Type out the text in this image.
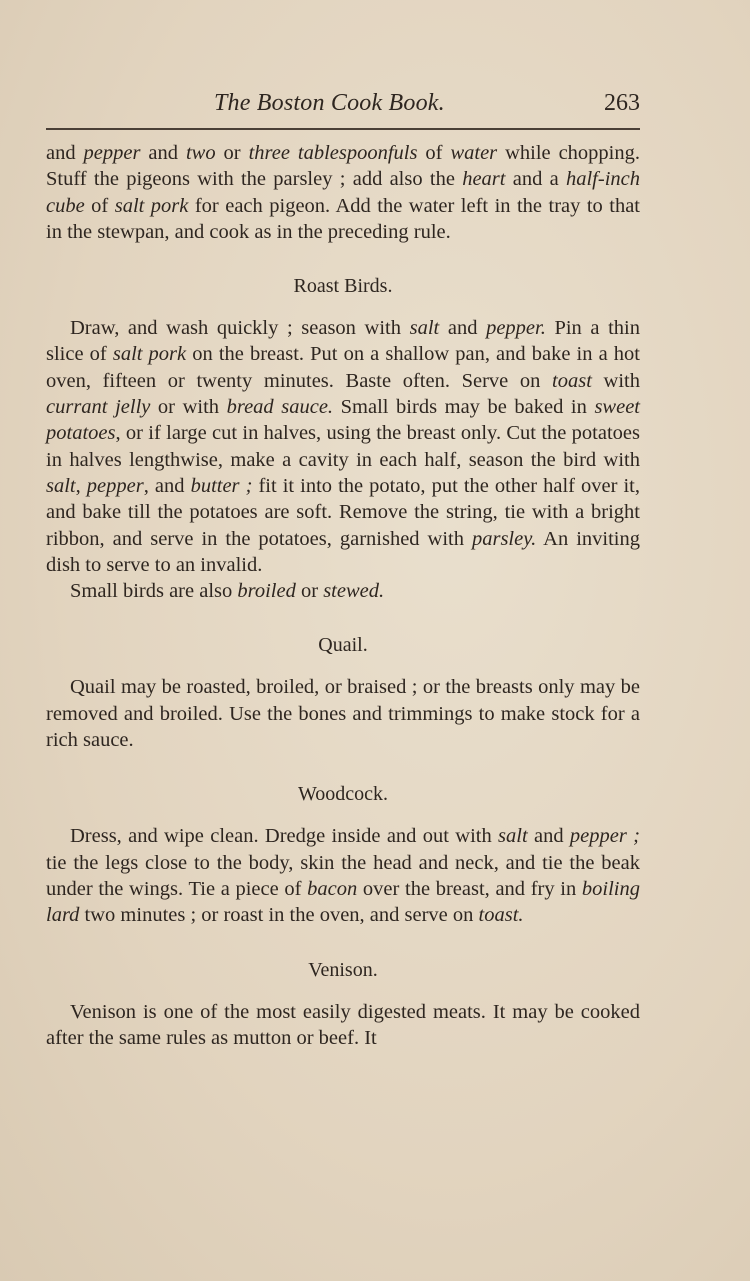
The Boston Cook Book.	263

and pepper and two or three tablespoonfuls of water while chopping. Stuff the pigeons with the parsley ; add also the heart and a half-inch cube of salt pork for each pigeon. Add the water left in the tray to that in the stewpan, and cook as in the preceding rule.

Roast Birds.

Draw, and wash quickly ; season with salt and pepper. Pin a thin slice of salt pork on the breast. Put on a shallow pan, and bake in a hot oven, fifteen or twenty minutes. Baste often. Serve on toast with currant jelly or with bread sauce. Small birds may be baked in sweet potatoes, or if large cut in halves, using the breast only. Cut the potatoes in halves lengthwise, make a cavity in each half, season the bird with salt, pepper, and butter ; fit it into the potato, put the other half over it, and bake till the potatoes are soft. Remove the string, tie with a bright ribbon, and serve in the potatoes, garnished with parsley. An inviting dish to serve to an invalid.

Small birds are also broiled or stewed.

Quail.

Quail may be roasted, broiled, or braised ; or the breasts only may be removed and broiled. Use the bones and trimmings to make stock for a rich sauce.

Woodcock.

Dress, and wipe clean. Dredge inside and out with salt and pepper ; tie the legs close to the body, skin the head and neck, and tie the beak under the wings. Tie a piece of bacon over the breast, and fry in boiling lard two minutes ; or roast in the oven, and serve on toast.

Venison.

Venison is one of the most easily digested meats. It may be cooked after the same rules as mutton or beef. It
